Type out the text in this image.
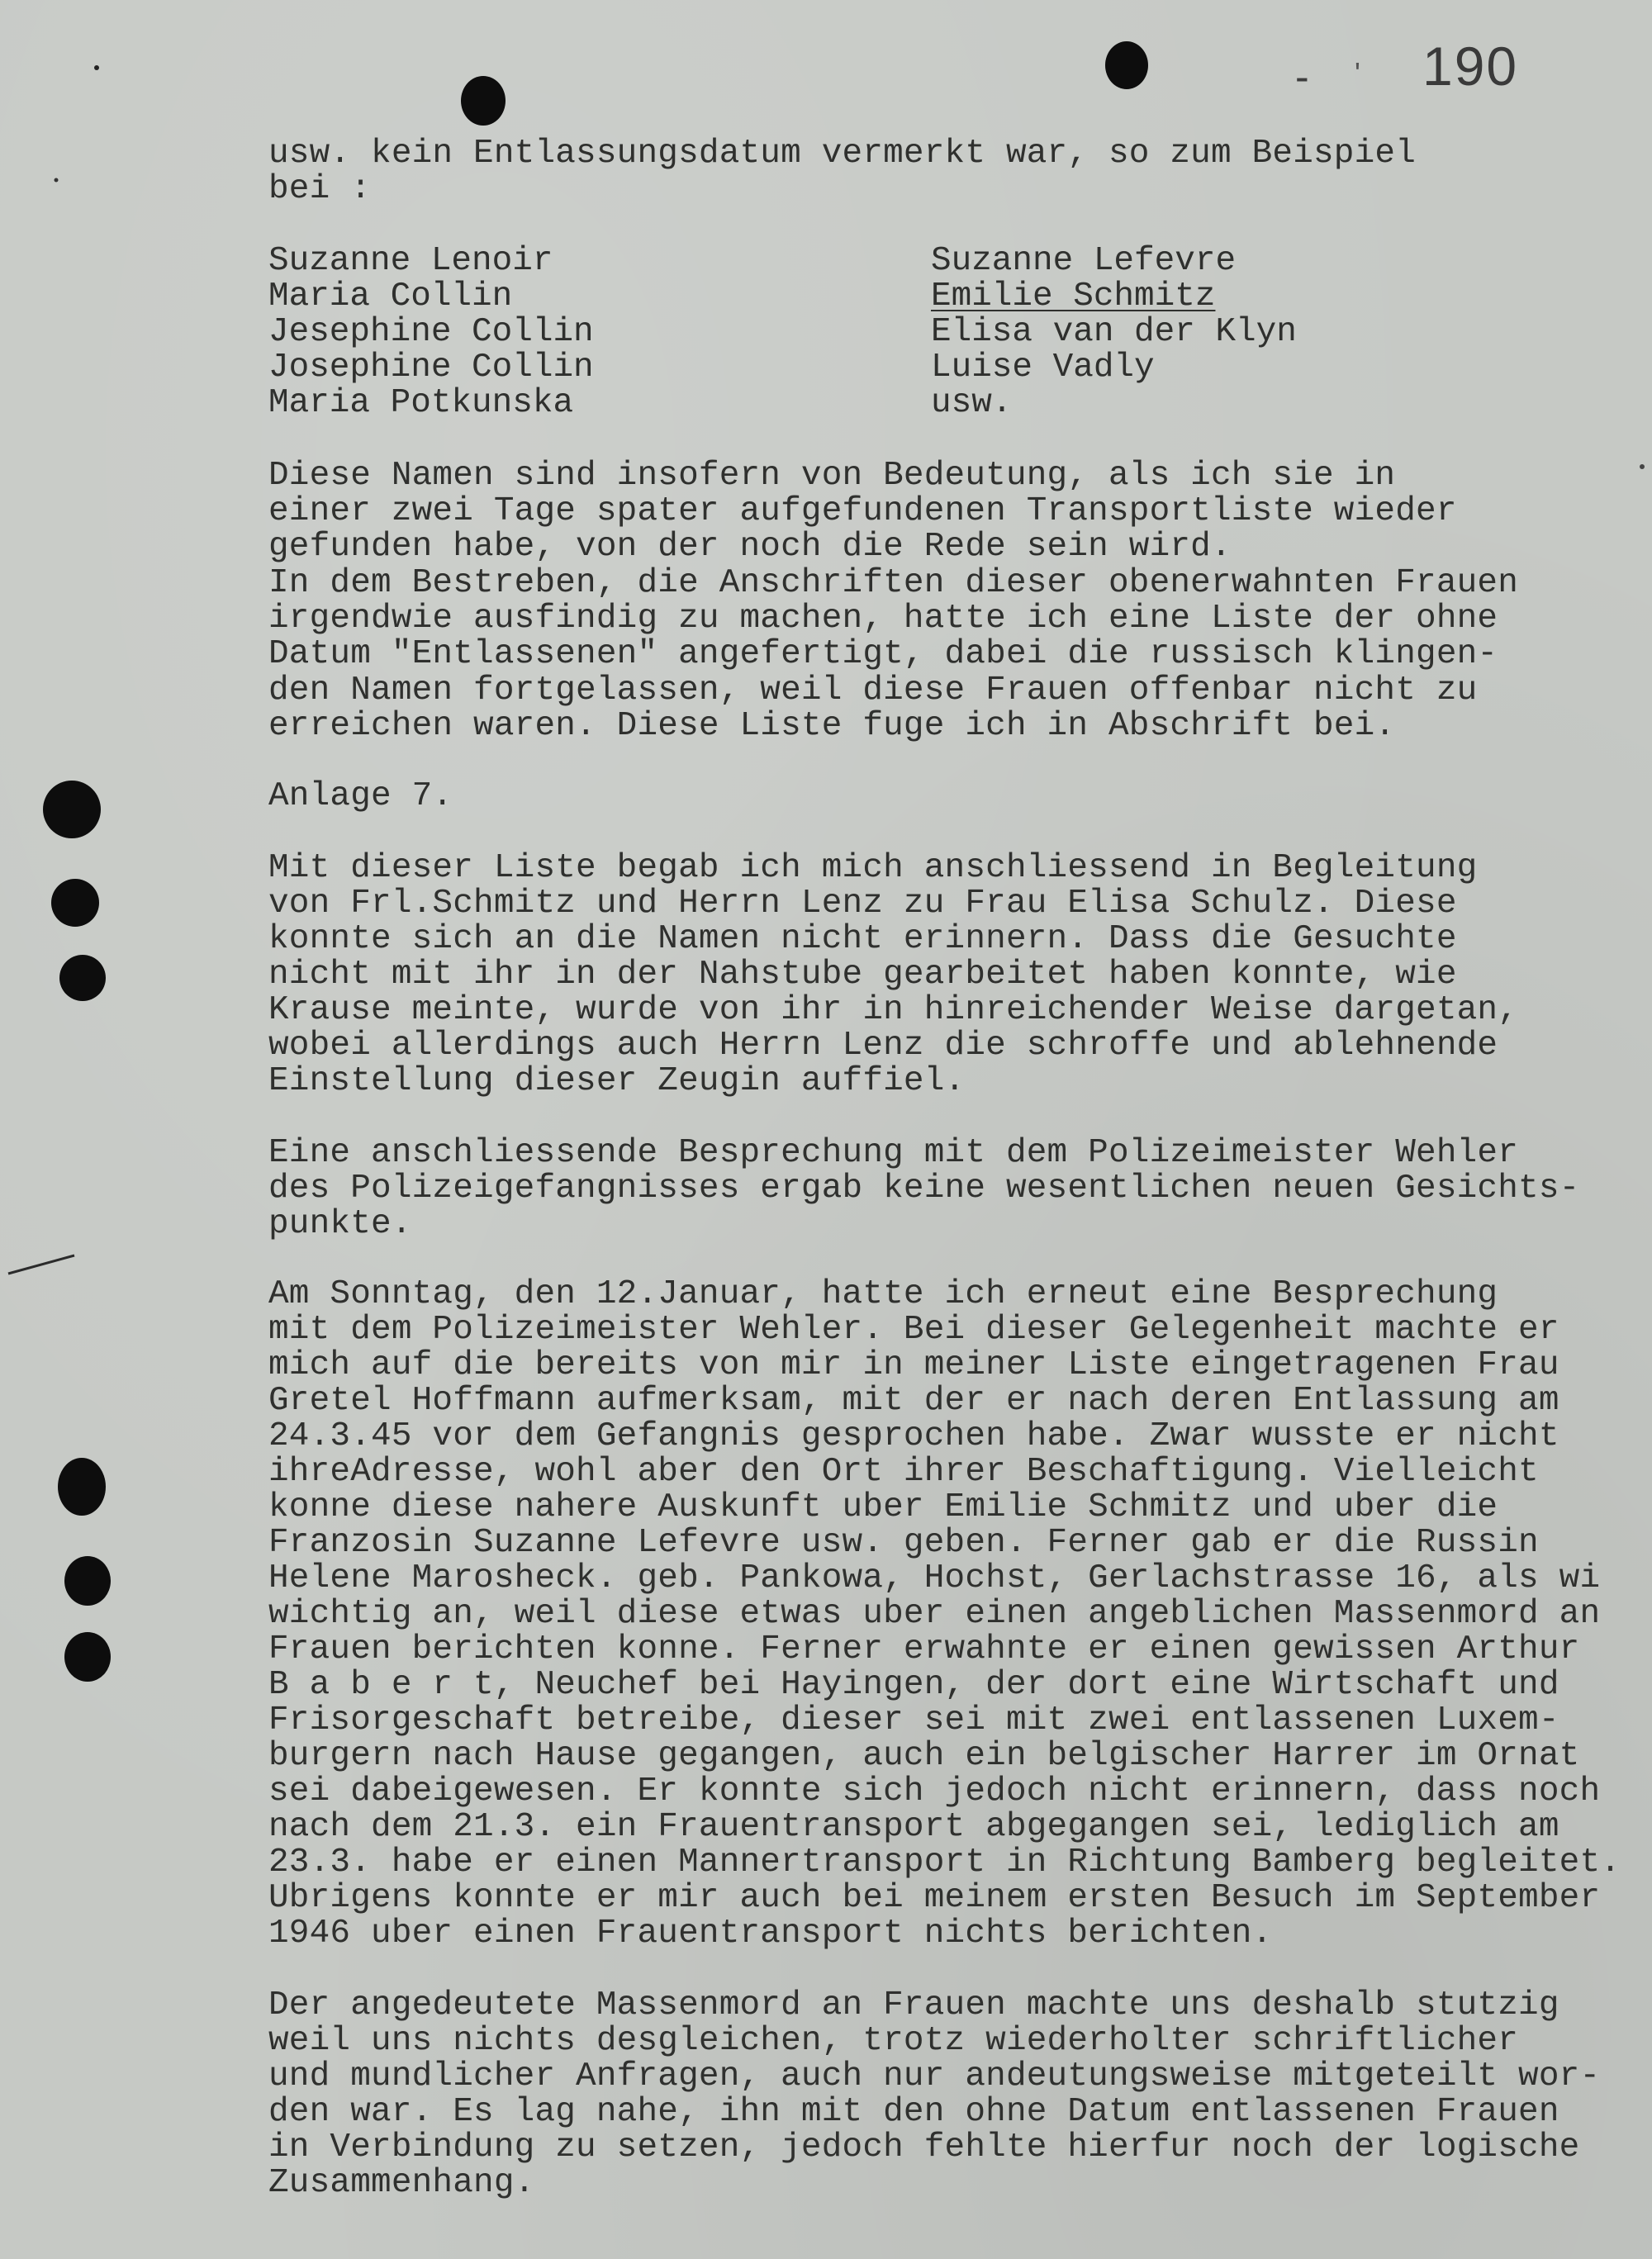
- ' 190
usw. kein Entlassungsdatum vermerkt war, so zum Beispiel
bei :
Suzanne Lenoir
Maria Collin
Jesephine Collin
Josephine Collin
Maria Potkunska
Suzanne Lefevre
Emilie Schmitz
Elisa van der Klyn
Luise Vadly
usw.
Diese Namen sind insofern von Bedeutung, als ich sie in
einer zwei Tage spater aufgefundenen Transportliste wieder
gefunden habe, von der noch die Rede sein wird.
In dem Bestreben, die Anschriften dieser obenerwahnten Frauen
irgendwie ausfindig zu machen, hatte ich eine Liste der ohne
Datum "Entlassenen" angefertigt, dabei die russisch klingen-
den Namen fortgelassen, weil diese Frauen offenbar nicht zu
erreichen waren. Diese Liste fuge ich in Abschrift bei.
Anlage 7.
Mit dieser Liste begab ich mich anschliessend in Begleitung
von Frl.Schmitz und Herrn Lenz zu Frau Elisa Schulz. Diese
konnte sich an die Namen nicht erinnern. Dass die Gesuchte
nicht mit ihr in der Nahstube gearbeitet haben konnte, wie
Krause meinte, wurde von ihr in hinreichender Weise dargetan,
wobei allerdings auch Herrn Lenz die schroffe und ablehnende
Einstellung dieser Zeugin auffiel.
Eine anschliessende Besprechung mit dem Polizeimeister Wehler
des Polizeigefangnisses ergab keine wesentlichen neuen Gesichts-
punkte.
Am Sonntag, den 12.Januar, hatte ich erneut eine Besprechung
mit dem Polizeimeister Wehler. Bei dieser Gelegenheit machte er
mich auf die bereits von mir in meiner Liste eingetragenen Frau
Gretel Hoffmann aufmerksam, mit der er nach deren Entlassung am
24.3.45 vor dem Gefangnis gesprochen habe. Zwar wusste er nicht
ihreAdresse, wohl aber den Ort ihrer Beschaftigung. Vielleicht
konne diese nahere Auskunft uber Emilie Schmitz und uber die
Franzosin Suzanne Lefevre usw. geben. Ferner gab er die Russin
Helene Marosheck. geb. Pankowa, Hochst, Gerlachstrasse 16, als wi
wichtig an, weil diese etwas uber einen angeblichen Massenmord an
Frauen berichten konne. Ferner erwahnte er einen gewissen Arthur
B a b e r t, Neuchef bei Hayingen, der dort eine Wirtschaft und
Frisorgeschaft betreibe, dieser sei mit zwei entlassenen Luxem-
burgern nach Hause gegangen, auch ein belgischer Harrer im Ornat
sei dabeigewesen. Er konnte sich jedoch nicht erinnern, dass noch
nach dem 21.3. ein Frauentransport abgegangen sei, lediglich am
23.3. habe er einen Mannertransport in Richtung Bamberg begleitet.
Ubrigens konnte er mir auch bei meinem ersten Besuch im September
1946 uber einen Frauentransport nichts berichten.
Der angedeutete Massenmord an Frauen machte uns deshalb stutzig
weil uns nichts desgleichen, trotz wiederholter schriftlicher
und mundlicher Anfragen, auch nur andeutungsweise mitgeteilt wor-
den war. Es lag nahe, ihn mit den ohne Datum entlassenen Frauen
in Verbindung zu setzen, jedoch fehlte hierfur noch der logische
Zusammenhang.
